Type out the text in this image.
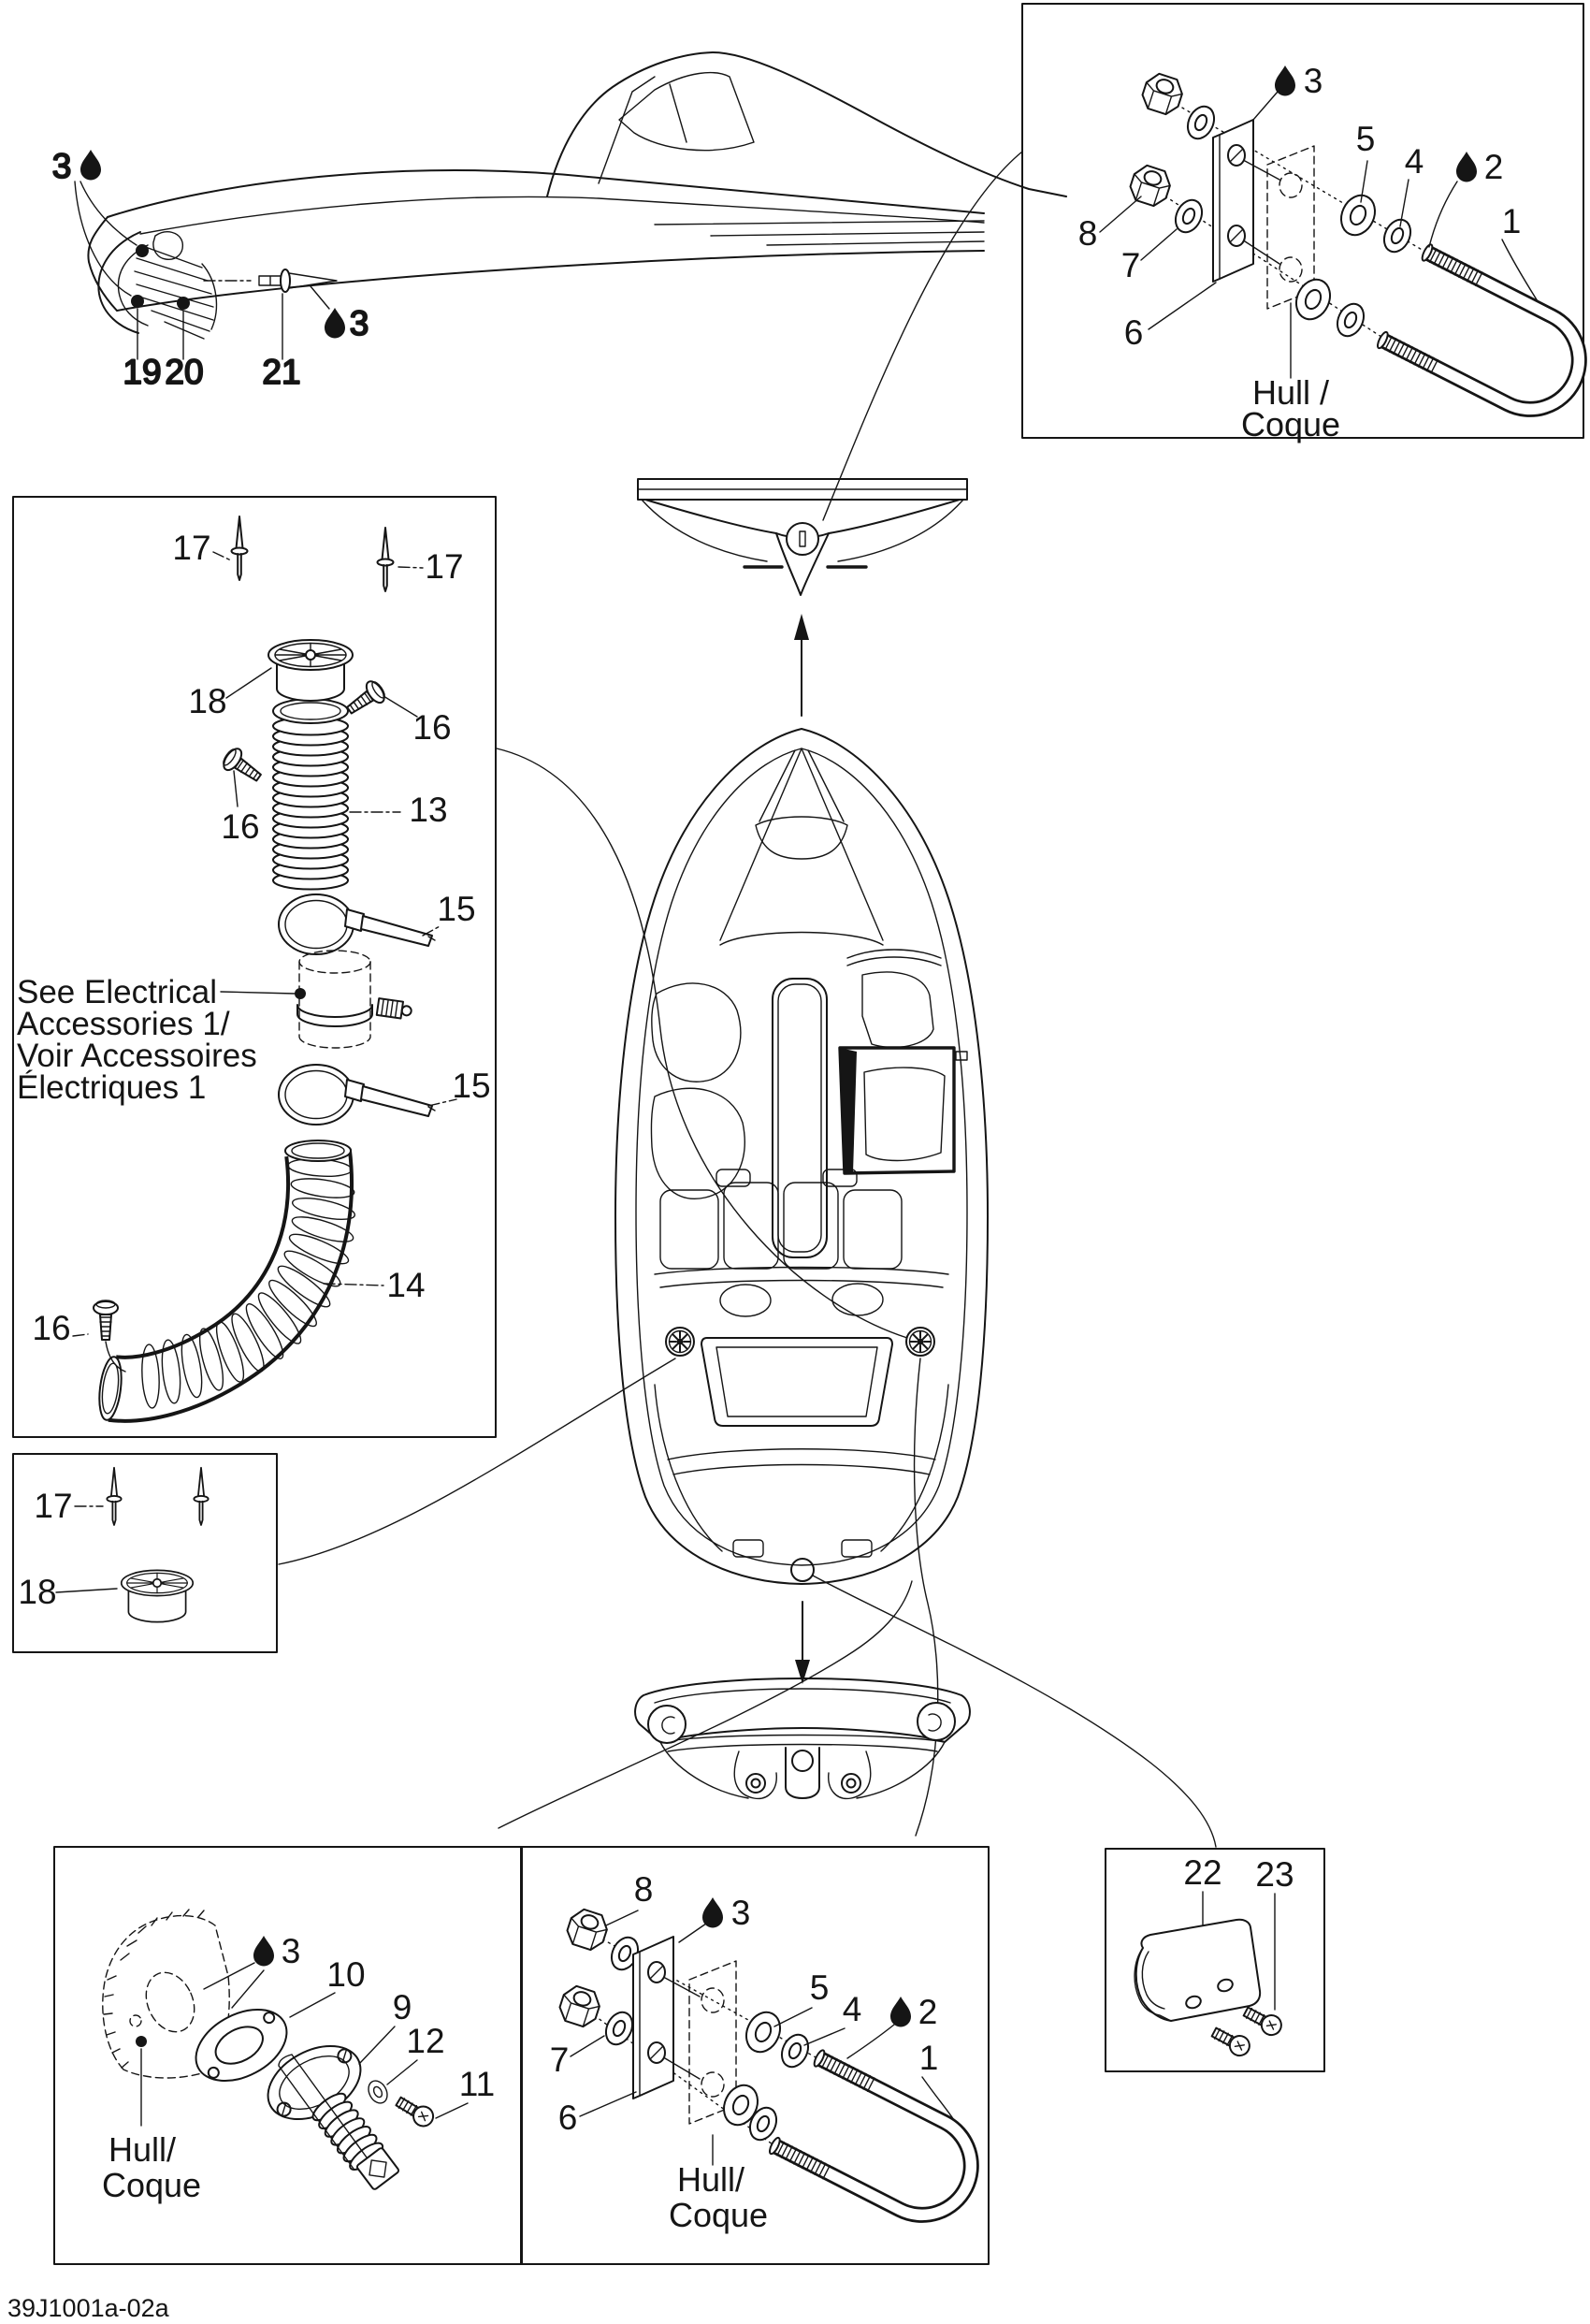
3
19 20 21
3
3
8
7
6
5
4 2
1
Hull /
Coque
17	17
18
16
16	13
15
15
14
16
See Electrical
Accessories 1/
Voir Accessoires
Électriques 1
17
18
3
10
9
12
11
Hull/
Coque
8
3
7
6
5
4 2
1
Hull/
Coque
22 23
39J1001a-02a
